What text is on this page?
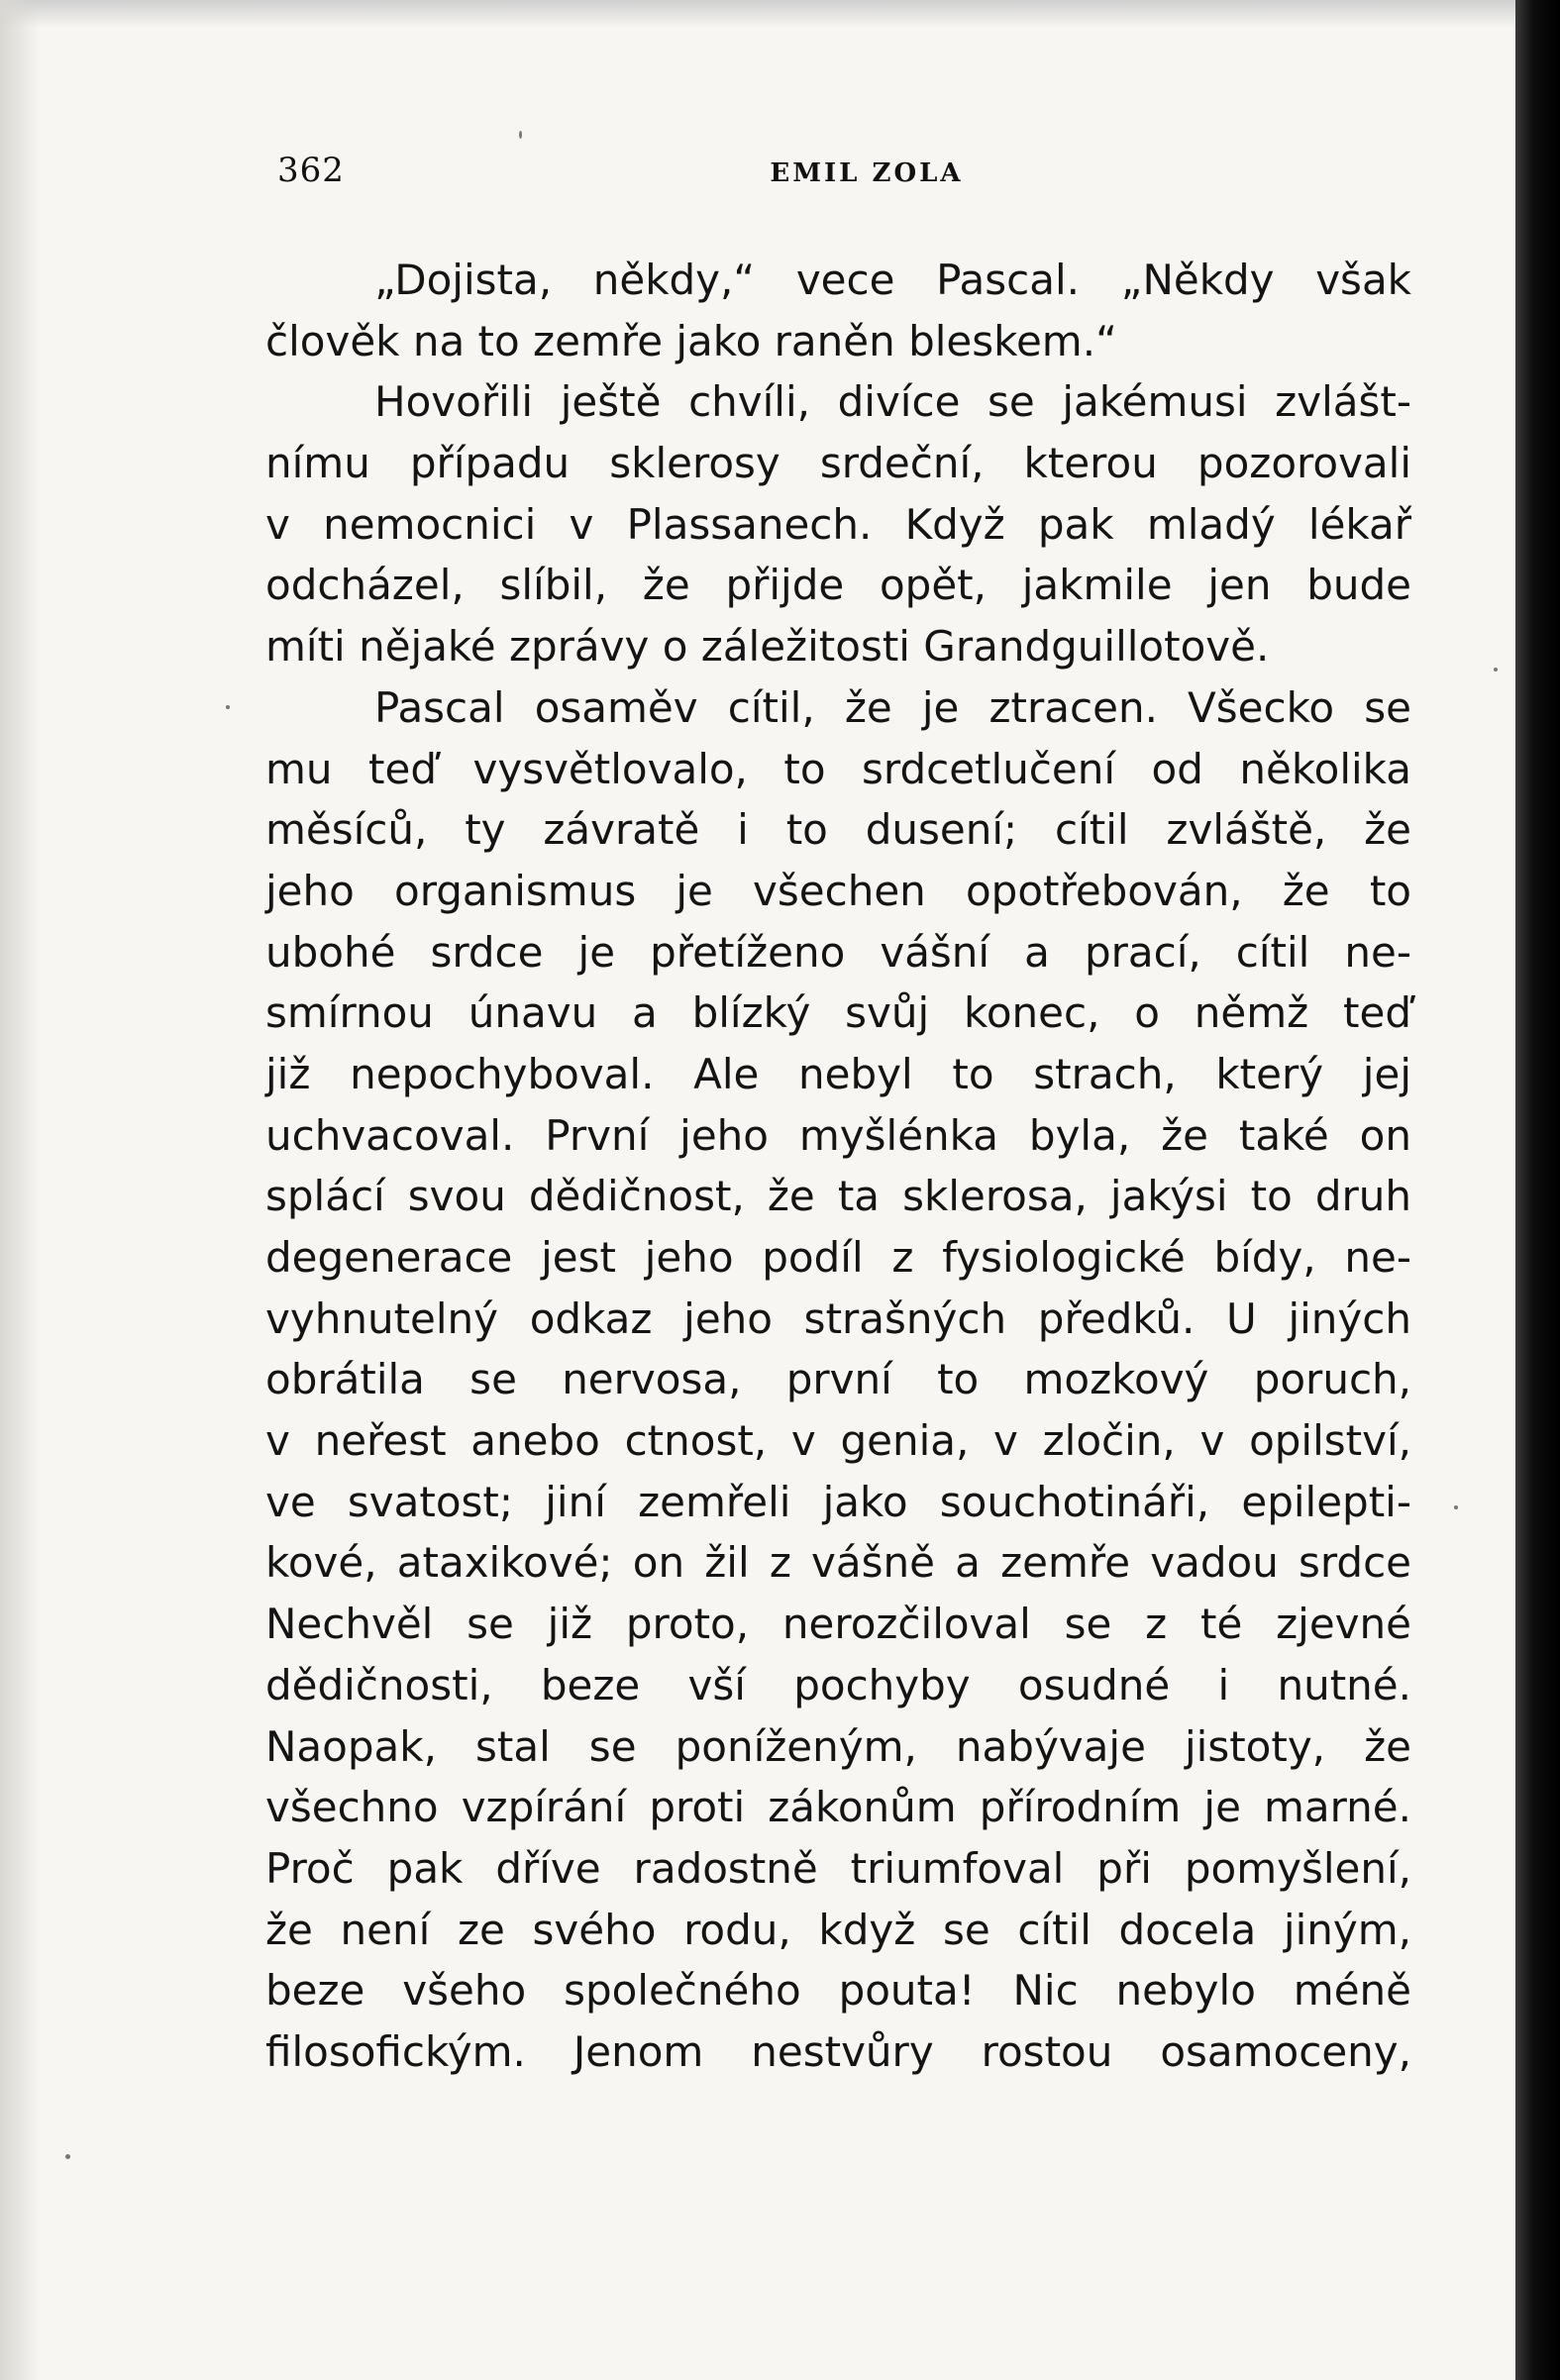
362	EMIL ZOLA
„Dojista, někdy,“ vece Pascal. „Někdy však
člověk na to zemře jako raněn bleskem.“
Hovořili ještě chvíli, divíce se jakémusi zvlášt-
nímu případu sklerosy srdeční, kterou pozorovali
v nemocnici v Plassanech. Když pak mladý lékař
odcházel, slíbil, že přijde opět, jakmile jen bude
míti nějaké zprávy o záležitosti Grandguillotově.
Pascal osaměv cítil, že je ztracen. Všecko se
mu teď vysvětlovalo, to srdcetlučení od několika
měsíců, ty závratě i to dusení; cítil zvláště, že
jeho organismus je všechen opotřebován, že to
ubohé srdce je přetíženo vášní a prací, cítil ne-
smírnou únavu a blízký svůj konec, o němž teď
již nepochyboval. Ale nebyl to strach, který jej
uchvacoval. První jeho myšlénka byla, že také on
splácí svou dědičnost, že ta sklerosa, jakýsi to druh
degenerace jest jeho podíl z fysiologické bídy, ne-
vyhnutelný odkaz jeho strašných předků. U jiných
obrátila se nervosa, první to mozkový poruch,
v neřest anebo ctnost, v genia, v zločin, v opilství,
ve svatost; jiní zemřeli jako souchotináři, epilepti-
kové, ataxikové; on žil z vášně a zemře vadou srdce
Nechvěl se již proto, nerozčiloval se z té zjevné
dědičnosti, beze vší pochyby osudné i nutné.
Naopak, stal se poníženým, nabývaje jistoty, že
všechno vzpírání proti zákonům přírodním je marné.
Proč pak dříve radostně triumfoval při pomyšlení,
že není ze svého rodu, když se cítil docela jiným,
beze všeho společného pouta! Nic nebylo méně
filosofickým. Jenom nestvůry rostou osamoceny,
